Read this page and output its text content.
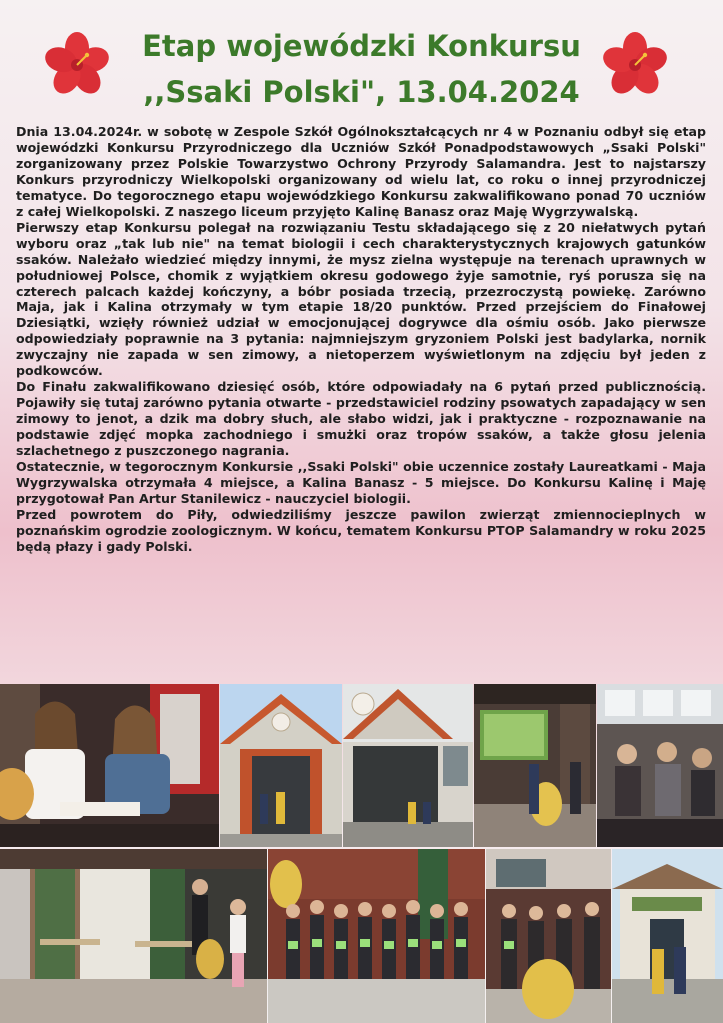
Etap wojewódzki Konkursu
,,Ssaki Polski", 13.04.2024

Dnia 13.04.2024r. w sobotę w Zespole Szkół Ogólnokształcących nr 4 w Poznaniu odbył się etap wojewódzki Konkursu Przyrodniczego dla Uczniów Szkół Ponadpodstawowych „Ssaki Polski" zorganizowany przez Polskie Towarzystwo Ochrony Przyrody Salamandra. Jest to najstarszy Konkurs przyrodniczy Wielkopolski organizowany od wielu lat, co roku o innej przyrodniczej tematyce. Do tegorocznego etapu wojewódzkiego Konkursu zakwalifikowano ponad 70 uczniów z całej Wielkopolski. Z naszego liceum przyjęto Kalinę Banasz oraz Maję Wygrzywalską.

Pierwszy etap Konkursu polegał na rozwiązaniu Testu składającego się z 20 niełatwych pytań wyboru oraz „tak lub nie" na temat biologii i cech charakterystycznych krajowych gatunków ssaków. Należało wiedzieć między innymi, że mysz zielna występuje na terenach uprawnych w południowej Polsce, chomik z wyjątkiem okresu godowego żyje samotnie, ryś porusza się na czterech palcach każdej kończyny, a bóbr posiada trzecią, przezroczystą powiekę. Zarówno Maja, jak i Kalina otrzymały w tym etapie 18/20 punktów. Przed przejściem do Finałowej Dziesiątki, wzięły również udział w emocjonującej dogrywce dla ośmiu osób. Jako pierwsze odpowiedziały poprawnie na 3 pytania: najmniejszym gryzoniem Polski jest badylarka, nornik zwyczajny nie zapada w sen zimowy, a nietoperzem wyświetlonym na zdjęciu był jeden z podkowców.

Do Finału zakwalifikowano dziesięć osób, które odpowiadały na 6 pytań przed publicznością. Pojawiły się tutaj zarówno pytania otwarte - przedstawiciel rodziny psowatych zapadający w sen zimowy to jenot, a dzik ma dobry słuch, ale słabo widzi, jak i praktyczne - rozpoznawanie na podstawie zdjęć mopka zachodniego i smużki oraz tropów ssaków, a także głosu jelenia szlachetnego z puszczonego nagrania.

Ostatecznie, w tegorocznym Konkursie ,,Ssaki Polski" obie uczennice zostały Laureatkami - Maja Wygrzywalska otrzymała 4 miejsce, a Kalina Banasz - 5 miejsce. Do Konkursu Kalinę i Maję przygotował Pan Artur Stanilewicz - nauczyciel biologii.

Przed powrotem do Piły, odwiedziliśmy jeszcze pawilon zwierząt zmiennocieplnych w poznańskim ogrodzie zoologicznym. W końcu, tematem Konkursu PTOP Salamandry w roku 2025 będą płazy i gady Polski.
